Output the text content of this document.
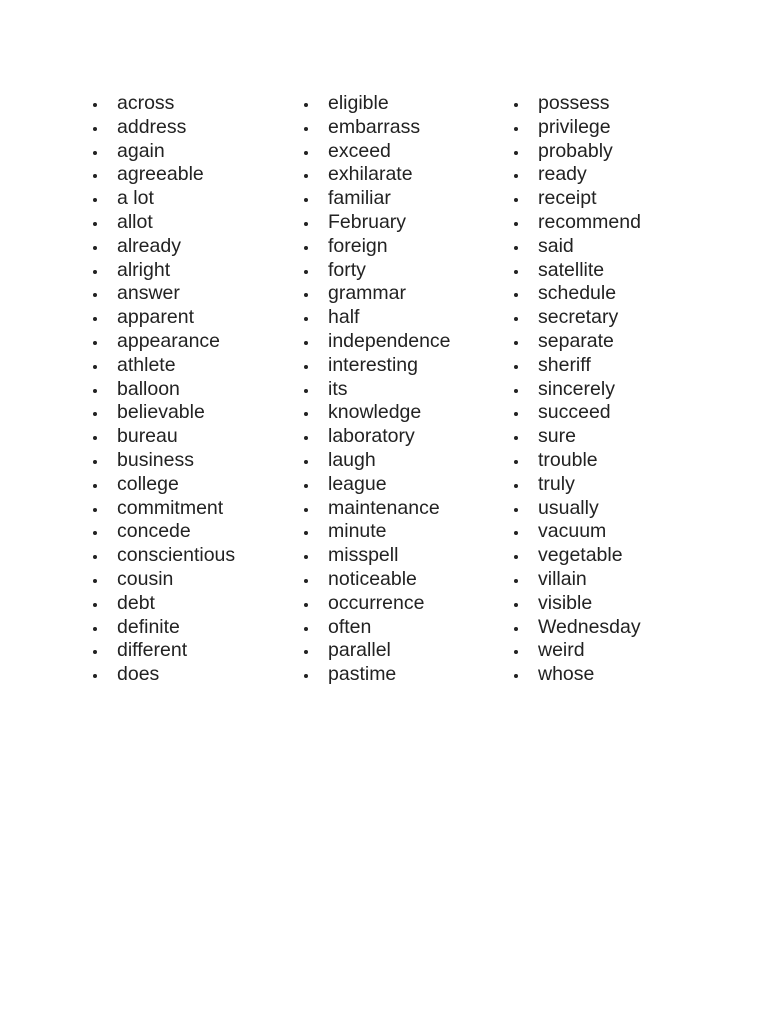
across
address
again
agreeable
a lot
allot
already
alright
answer
apparent
appearance
athlete
balloon
believable
bureau
business
college
commitment
concede
conscientious
cousin
debt
definite
different
does
eligible
embarrass
exceed
exhilarate
familiar
February
foreign
forty
grammar
half
independence
interesting
its
knowledge
laboratory
laugh
league
maintenance
minute
misspell
noticeable
occurrence
often
parallel
pastime
possess
privilege
probably
ready
receipt
recommend
said
satellite
schedule
secretary
separate
sheriff
sincerely
succeed
sure
trouble
truly
usually
vacuum
vegetable
villain
visible
Wednesday
weird
whose
